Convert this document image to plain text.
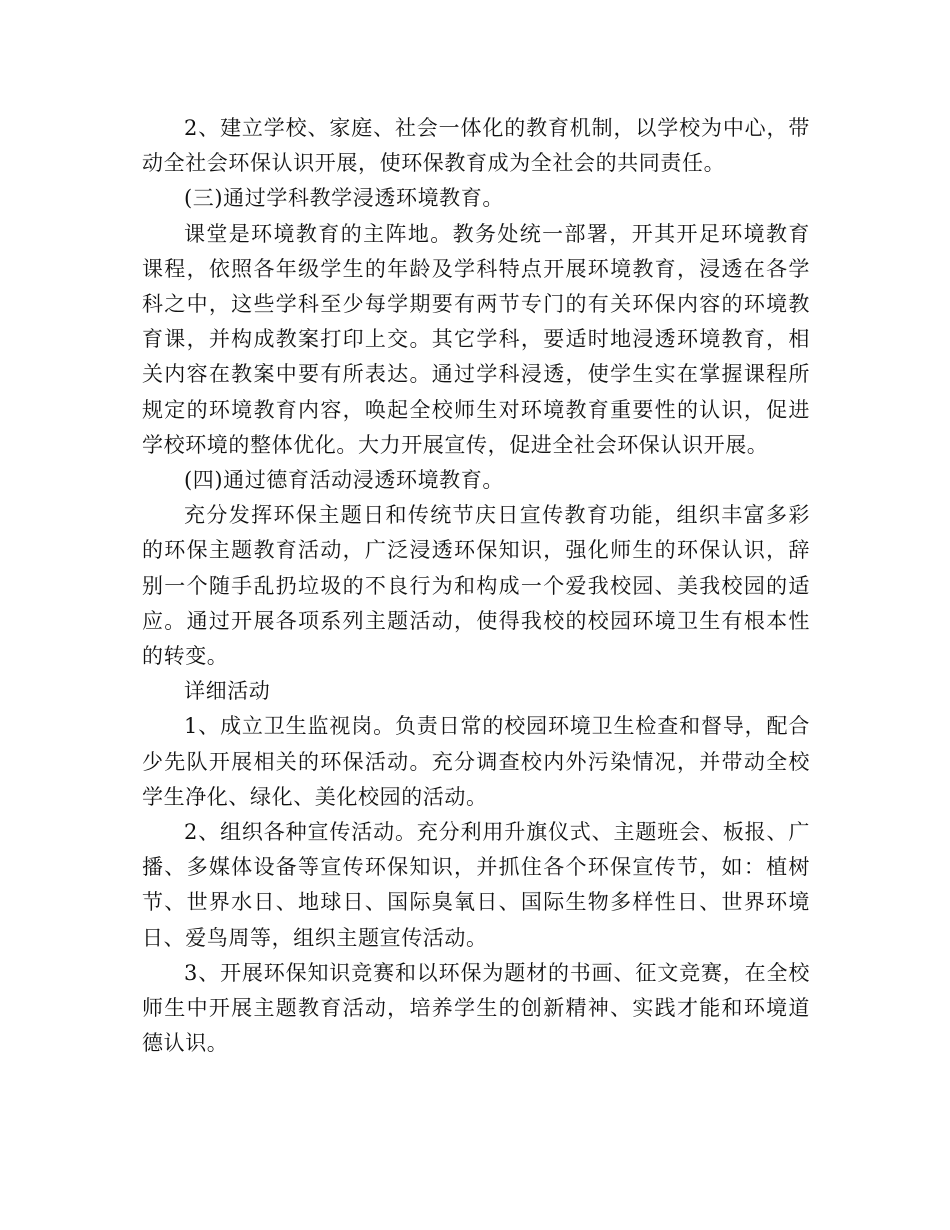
2、建立学校、家庭、社会一体化的教育机制，以学校为中心，带动全社会环保认识开展，使环保教育成为全社会的共同责任。

(三)通过学科教学浸透环境教育。

课堂是环境教育的主阵地。教务处统一部署，开其开足环境教育课程，依照各年级学生的年龄及学科特点开展环境教育，浸透在各学科之中，这些学科至少每学期要有两节专门的有关环保内容的环境教育课，并构成教案打印上交。其它学科，要适时地浸透环境教育，相关内容在教案中要有所表达。通过学科浸透，使学生实在掌握课程所规定的环境教育内容，唤起全校师生对环境教育重要性的认识，促进学校环境的整体优化。大力开展宣传，促进全社会环保认识开展。

(四)通过德育活动浸透环境教育。

充分发挥环保主题日和传统节庆日宣传教育功能，组织丰富多彩的环保主题教育活动，广泛浸透环保知识，强化师生的环保认识，辞别一个随手乱扔垃圾的不良行为和构成一个爱我校园、美我校园的适应。通过开展各项系列主题活动，使得我校的校园环境卫生有根本性的转变。

详细活动

1、成立卫生监视岗。负责日常的校园环境卫生检查和督导，配合少先队开展相关的环保活动。充分调查校内外污染情况，并带动全校学生净化、绿化、美化校园的活动。

2、组织各种宣传活动。充分利用升旗仪式、主题班会、板报、广播、多媒体设备等宣传环保知识，并抓住各个环保宣传节，如：植树节、世界水日、地球日、国际臭氧日、国际生物多样性日、世界环境日、爱鸟周等，组织主题宣传活动。

3、开展环保知识竞赛和以环保为题材的书画、征文竞赛，在全校师生中开展主题教育活动，培养学生的创新精神、实践才能和环境道德认识。
